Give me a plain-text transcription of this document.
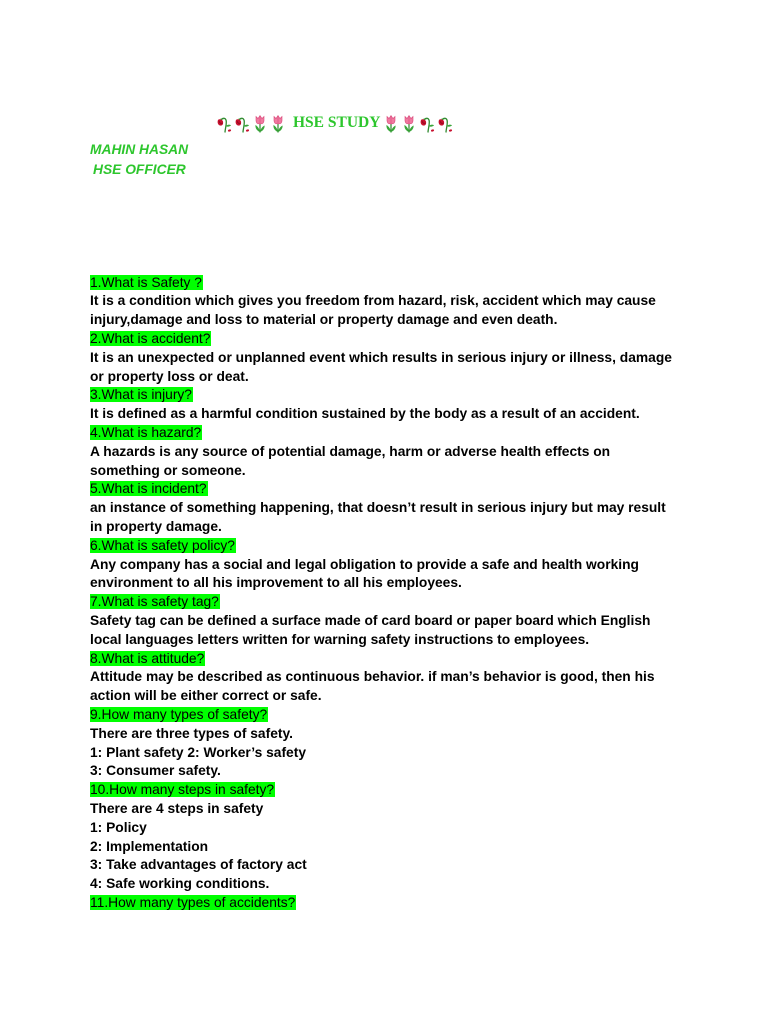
HSE STUDY
MAHIN HASAN
HSE OFFICER
1.What is Safety ?
It is a condition which gives you freedom from hazard, risk, accident which may cause
injury,damage and loss to material or property damage and even death.
2.What is accident?
It is an unexpected or unplanned event which results in serious injury or illness, damage
or property loss or deat.
3.What is injury?
It is defined as a harmful condition sustained by the body as a result of an accident.
4.What is hazard?
A hazards is any source of potential damage, harm or adverse health effects on
something or someone.
5.What is incident?
an instance of something happening, that doesn’t result in serious injury but may result
in property damage.
6.What is safety policy?
Any company has a social and legal obligation to provide a safe and health working
environment to all his improvement to all his employees.
7.What is safety tag?
Safety tag can be defined a surface made of card board or paper board which English
local languages letters written for warning safety instructions to employees.
8.What is attitude?
Attitude may be described as continuous behavior. if man’s behavior is good, then his
action will be either correct or safe.
9.How many types of safety?
There are three types of safety.
1: Plant safety 2: Worker’s safety
3: Consumer safety.
10.How many steps in safety?
There are 4 steps in safety
1: Policy
2: Implementation
3: Take advantages of factory act
4: Safe working conditions.
11.How many types of accidents?
